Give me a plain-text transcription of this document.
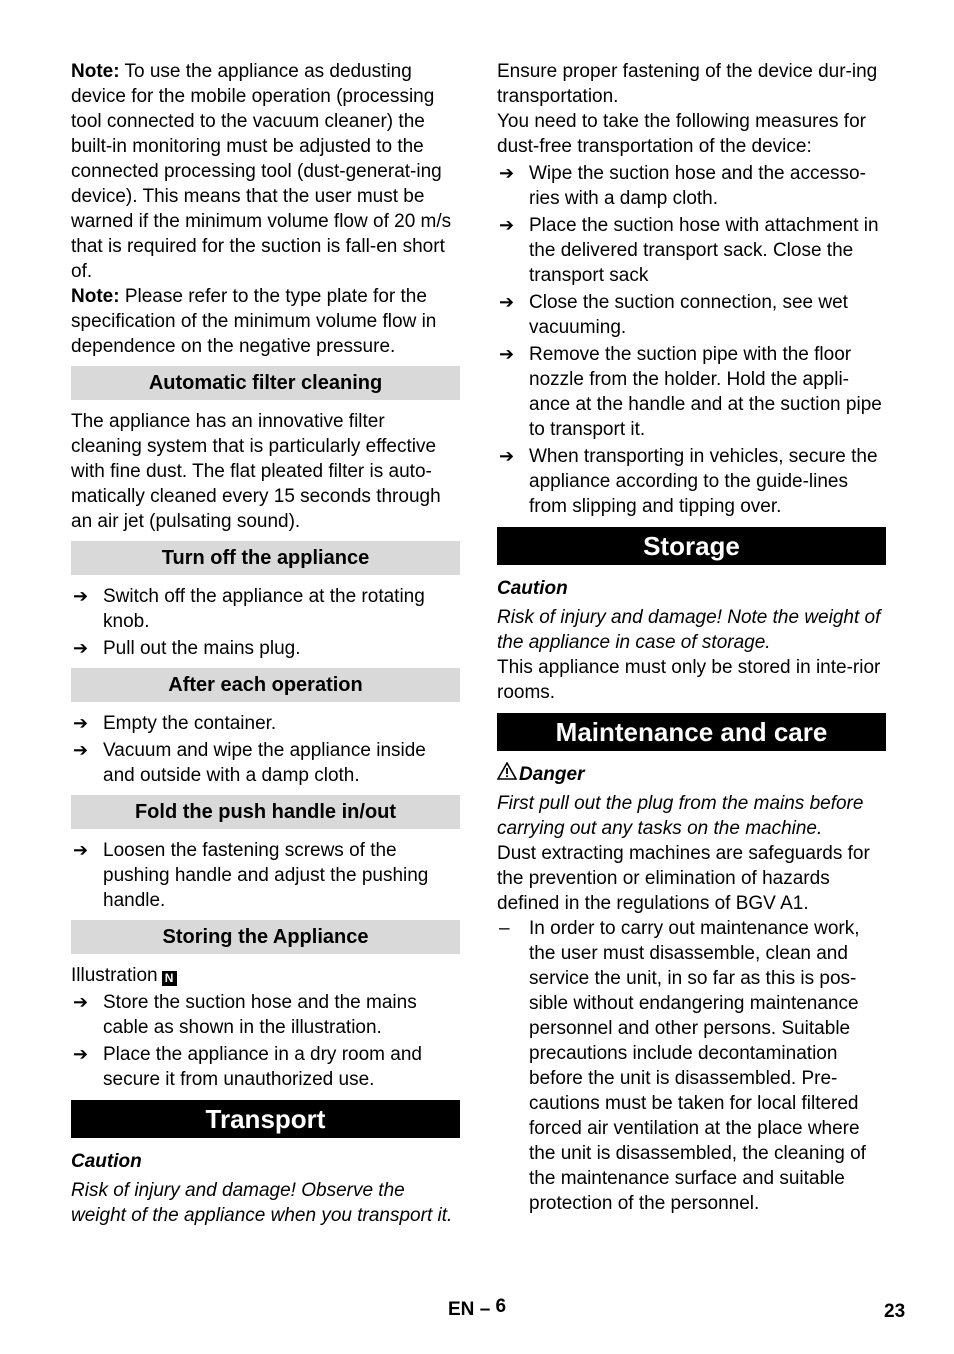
Note: To use the appliance as dedusting device for the mobile operation (processing tool connected to the vacuum cleaner) the built-in monitoring must be adjusted to the connected processing tool (dust-generat-ing device). This means that the user must be warned if the minimum volume flow of 20 m/s that is required for the suction is fall-en short of.

Note: Please refer to the type plate for the specification of the minimum volume flow in dependence on the negative pressure.

Automatic filter cleaning

The appliance has an innovative filter cleaning system that is particularly effective with fine dust. The flat pleated filter is auto-matically cleaned every 15 seconds through an air jet (pulsating sound).

Turn off the appliance
➔ Switch off the appliance at the rotating knob.
➔ Pull out the mains plug.
After each operation
➔ Empty the container.
➔ Vacuum and wipe the appliance inside and outside with a damp cloth.
Fold the push handle in/out
➔ Loosen the fastening screws of the pushing handle and adjust the pushing handle.
Storing the Appliance

Illustration N

➔ Store the suction hose and the mains cable as shown in the illustration.
➔ Place the appliance in a dry room and secure it from unauthorized use.
Transport

Caution

Risk of injury and damage! Observe the weight of the appliance when you transport it.

Ensure proper fastening of the device dur-ing transportation.

You need to take the following measures for dust-free transportation of the device:

➔ Wipe the suction hose and the accesso-ries with a damp cloth.
➔ Place the suction hose with attachment in the delivered transport sack. Close the transport sack
➔ Close the suction connection, see wet vacuuming.
➔ Remove the suction pipe with the floor nozzle from the holder. Hold the appli-ance at the handle and at the suction pipe to transport it.
➔ When transporting in vehicles, secure the appliance according to the guide-lines from slipping and tipping over.
Storage

Caution

Risk of injury and damage! Note the weight of the appliance in case of storage.

This appliance must only be stored in inte-rior rooms.

Maintenance and care

Danger

First pull out the plug from the mains before carrying out any tasks on the machine.

Dust extracting machines are safeguards for the prevention or elimination of hazards defined in the regulations of BGV A1.

– In order to carry out maintenance work, the user must disassemble, clean and service the unit, in so far as this is pos-sible without endangering maintenance personnel and other persons. Suitable precautions include decontamination before the unit is disassembled. Pre-cautions must be taken for local filtered forced air ventilation at the place where the unit is disassembled, the cleaning of the maintenance surface and suitable protection of the personnel.
EN – 6	23
